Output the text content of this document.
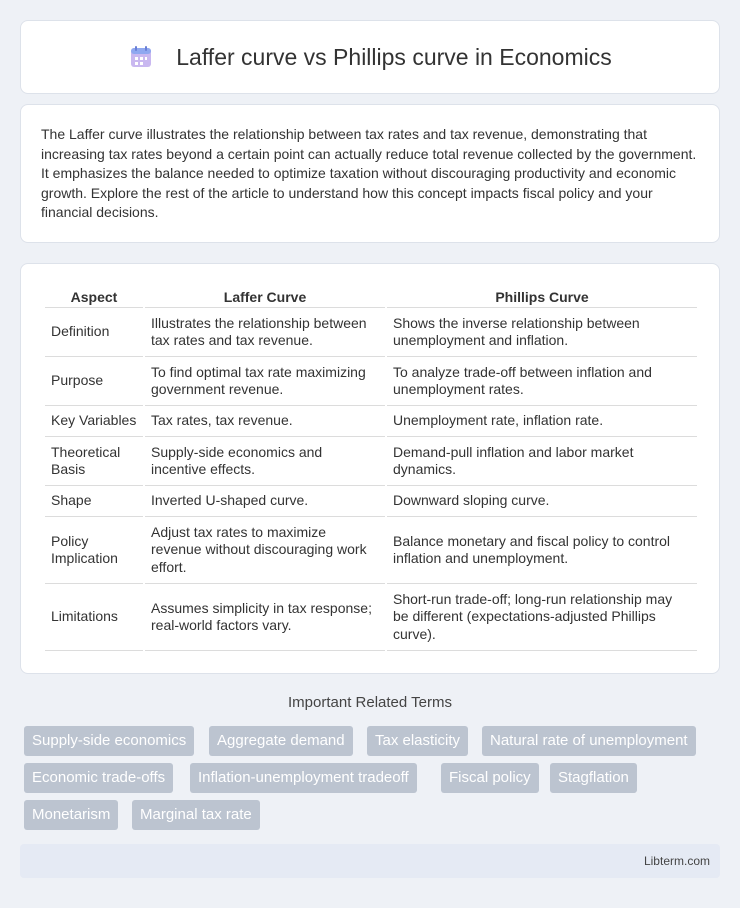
Laffer curve vs Phillips curve in Economics

The Laffer curve illustrates the relationship between tax rates and tax revenue, demonstrating that increasing tax rates beyond a certain point can actually reduce total revenue collected by the government. It emphasizes the balance needed to optimize taxation without discouraging productivity and economic growth. Explore the rest of the article to understand how this concept impacts fiscal policy and your financial decisions.

Aspect	Laffer Curve	Phillips Curve
Definition	Illustrates the relationship between tax rates and tax revenue.	Shows the inverse relationship between unemployment and inflation.
Purpose	To find optimal tax rate maximizing government revenue.	To analyze trade-off between inflation and unemployment rates.
Key Variables	Tax rates, tax revenue.	Unemployment rate, inflation rate.
Theoretical Basis	Supply-side economics and incentive effects.	Demand-pull inflation and labor market dynamics.
Shape	Inverted U-shaped curve.	Downward sloping curve.
Policy Implication	Adjust tax rates to maximize revenue without discouraging work effort.	Balance monetary and fiscal policy to control inflation and unemployment.
Limitations	Assumes simplicity in tax response; real-world factors vary.	Short-run trade-off; long-run relationship may be different (expectations-adjusted Phillips curve).
Important Related Terms
Supply-side economics	Aggregate demand	Tax elasticity	Natural rate of unemployment
Economic trade-offs	Inflation-unemployment tradeoff	Fiscal policy	Stagflation
Monetarism	Marginal tax rate
Libterm.com
